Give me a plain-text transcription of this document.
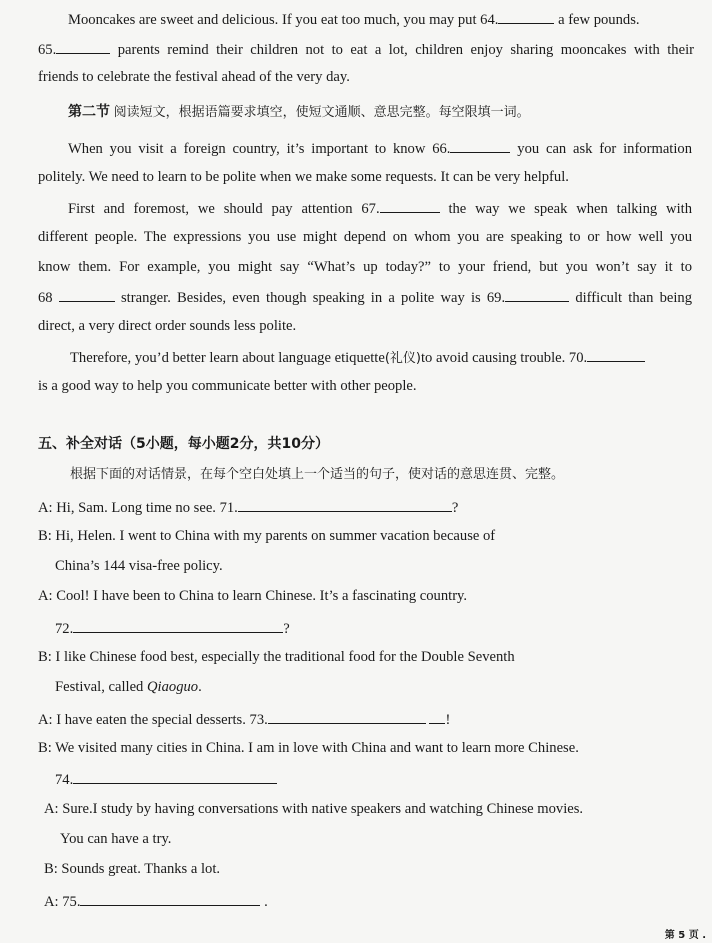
Mooncakes are sweet and delicious. If you eat too much, you may put 64.	a few pounds.
65.	parents remind their children not to eat a lot, children enjoy sharing mooncakes with their
friends to celebrate the festival ahead of the very day.
第二节 阅读短文，根据语篇要求填空，使短文通顺、意思完整。每空限填一词。
When you visit a foreign country, it’s important to know 66.	you can ask for information
politely. We need to learn to be polite when we make some requests. It can be very helpful.
First and foremost, we should pay attention 67.	the way we speak when talking with
different people. The expressions you use might depend on whom you are speaking to or how well you
know them. For example, you might say “What’s up today?” to your friend, but you won’t say it to
68	stranger. Besides, even though speaking in a polite way is 69.	difficult than being
direct, a very direct order sounds less polite.
Therefore, you’d better learn about language etiquette(礼仪)to avoid causing trouble. 70.
is a good way to help you communicate better with other people.
五、补全对话（5小题，每小题2分，共10分）
根据下面的对话情景，在每个空白处填上一个适当的句子，使对话的意思连贯、完整。
A: Hi, Sam. Long time no see. 71.	?
B: Hi, Helen. I went to China with my parents on summer vacation because of
China’s 144 visa-free policy.
A: Cool! I have been to China to learn Chinese. It’s a fascinating country.
72.	?
B: I like Chinese food best, especially the traditional food for the Double Seventh
Festival, called Qiaoguo.
A: I have eaten the special desserts. 73.	!
B: We visited many cities in China. I am in love with China and want to learn more Chinese.
74.
A: Sure.I study by having conversations with native speakers and watching Chinese movies.
You can have a try.
B: Sounds great. Thanks a lot.
A: 75.	.
第 5 页 .
